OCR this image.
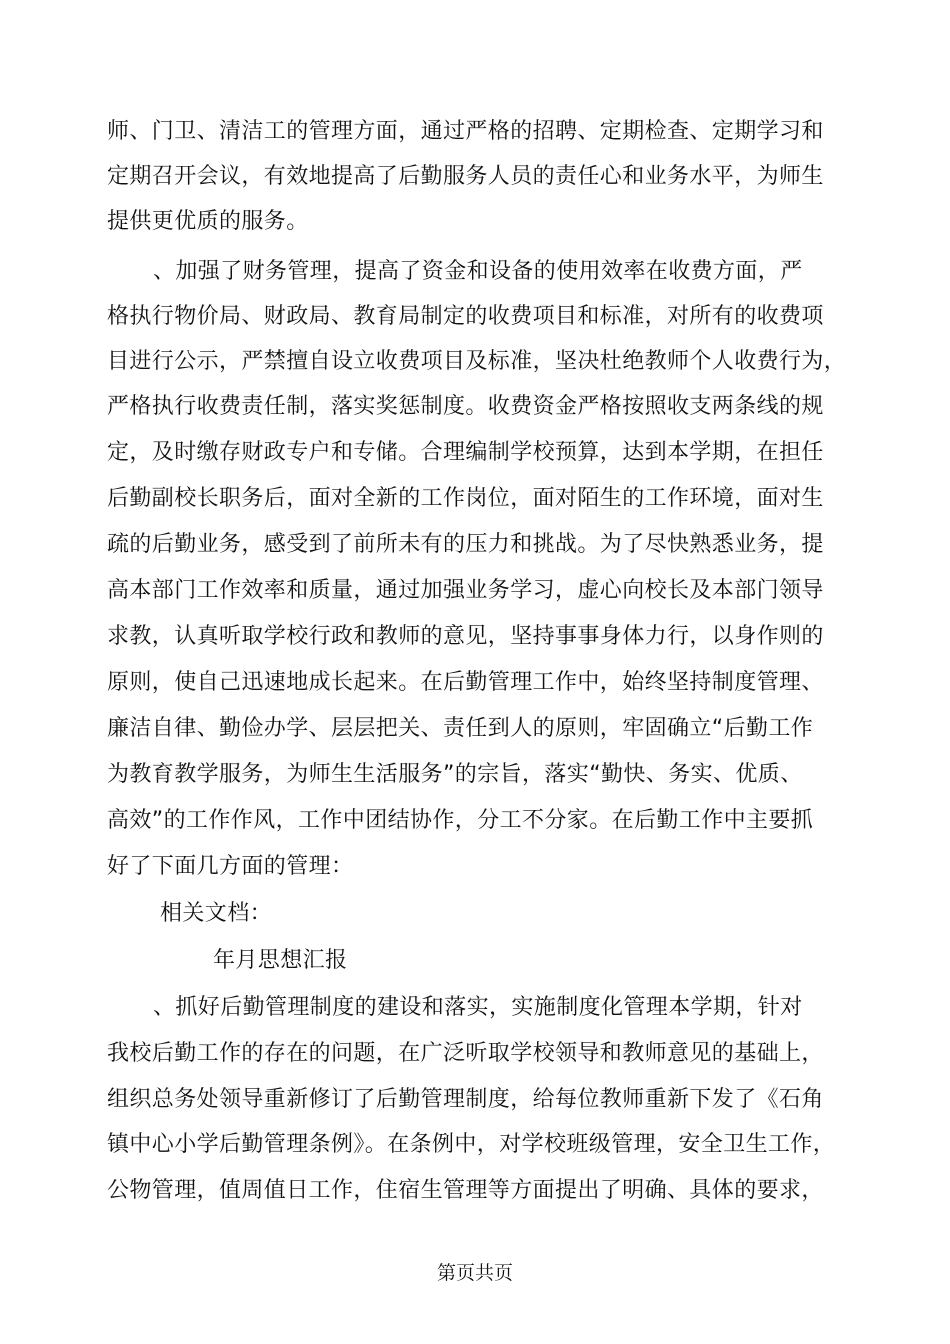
师、门卫、清洁工的管理方面，通过严格的招聘、定期检查、定期学习和
定期召开会议，有效地提高了后勤服务人员的责任心和业务水平，为师生
提供更优质的服务。
、加强了财务管理，提高了资金和设备的使用效率在收费方面，严
格执行物价局、财政局、教育局制定的收费项目和标准，对所有的收费项
目进行公示，严禁擅自设立收费项目及标准，坚决杜绝教师个人收费行为，
严格执行收费责任制，落实奖惩制度。收费资金严格按照收支两条线的规
定，及时缴存财政专户和专储。合理编制学校预算，达到本学期，在担任
后勤副校长职务后，面对全新的工作岗位，面对陌生的工作环境，面对生
疏的后勤业务，感受到了前所未有的压力和挑战。为了尽快熟悉业务，提
高本部门工作效率和质量，通过加强业务学习，虚心向校长及本部门领导
求教，认真听取学校行政和教师的意见，坚持事事身体力行，以身作则的
原则，使自己迅速地成长起来。在后勤管理工作中，始终坚持制度管理、
廉洁自律、勤俭办学、层层把关、责任到人的原则，牢固确立“后勤工作
为教育教学服务，为师生生活服务”的宗旨，落实“勤快、务实、优质、
高效”的工作作风，工作中团结协作，分工不分家。在后勤工作中主要抓
好了下面几方面的管理：
相关文档：
年月思想汇报
、抓好后勤管理制度的建设和落实，实施制度化管理本学期，针对
我校后勤工作的存在的问题，在广泛听取学校领导和教师意见的基础上，
组织总务处领导重新修订了后勤管理制度，给每位教师重新下发了《石角
镇中心小学后勤管理条例》。在条例中，对学校班级管理，安全卫生工作，
公物管理，值周值日工作，住宿生管理等方面提出了明确、具体的要求，
第页共页
